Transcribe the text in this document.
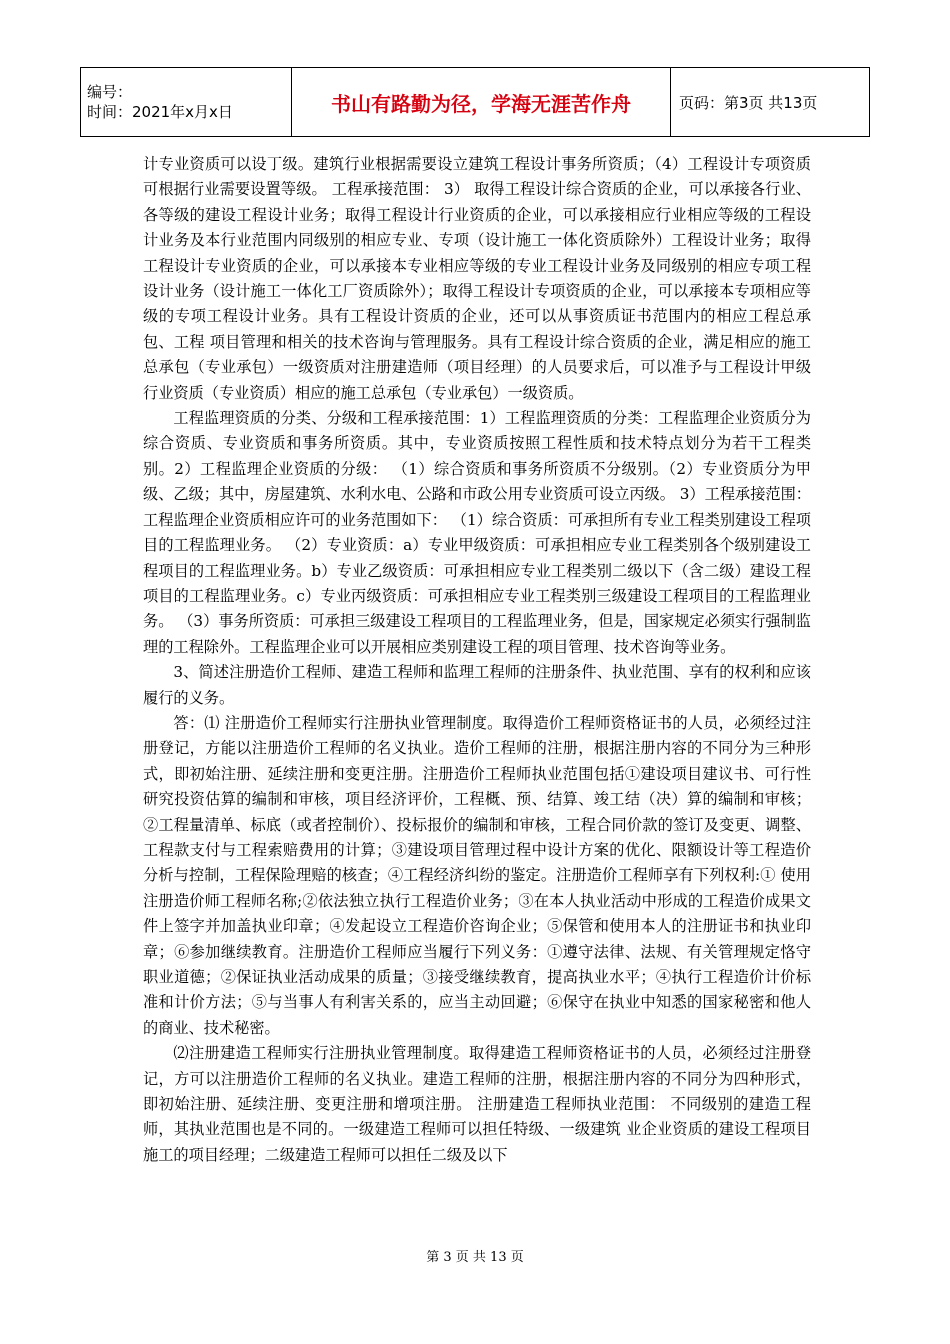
编号：
时间：2021年x月x日	书山有路勤为径，学海无涯苦作舟	页码：第3页 共13页

计专业资质可以设丁级。建筑行业根据需要设立建筑工程设计事务所资质；（4）工程设计专项资质可根据行业需要设置等级。 工程承接范围： 3） 取得工程设计综合资质的企业，可以承接各行业、各等级的建设工程设计业务；取得工程设计行业资质的企业，可以承接相应行业相应等级的工程设计业务及本行业范围内同级别的相应专业、专项（设计施工一体化资质除外）工程设计业务；取得工程设计专业资质的企业，可以承接本专业相应等级的专业工程设计业务及同级别的相应专项工程设计业务（设计施工一体化工厂资质除外）；取得工程设计专项资质的企业，可以承接本专项相应等级的专项工程设计业务。具有工程设计资质的企业，还可以从事资质证书范围内的相应工程总承包、工程 项目管理和相关的技术咨询与管理服务。具有工程设计综合资质的企业，满足相应的施工总承包（专业承包）一级资质对注册建造师（项目经理）的人员要求后，可以准予与工程设计甲级行业资质（专业资质）相应的施工总承包（专业承包）一级资质。

工程监理资质的分类、分级和工程承接范围：1）工程监理资质的分类：工程监理企业资质分为综合资质、专业资质和事务所资质。其中，专业资质按照工程性质和技术特点划分为若干工程类别。2）工程监理企业资质的分级： （1）综合资质和事务所资质不分级别。（2）专业资质分为甲级、乙级；其中，房屋建筑、水利水电、公路和市政公用专业资质可设立丙级。 3）工程承接范围：工程监理企业资质相应许可的业务范围如下： （1）综合资质：可承担所有专业工程类别建设工程项目的工程监理业务。 （2）专业资质：a）专业甲级资质：可承担相应专业工程类别各个级别建设工程项目的工程监理业务。b）专业乙级资质：可承担相应专业工程类别二级以下（含二级）建设工程项目的工程监理业务。c）专业丙级资质：可承担相应专业工程类别三级建设工程项目的工程监理业务。 （3）事务所资质：可承担三级建设工程项目的工程监理业务，但是，国家规定必须实行强制监理的工程除外。工程监理企业可以开展相应类别建设工程的项目管理、技术咨询等业务。

3、简述注册造价工程师、建造工程师和监理工程师的注册条件、执业范围、享有的权利和应该履行的义务。

答：⑴ 注册造价工程师实行注册执业管理制度。取得造价工程师资格证书的人员，必须经过注册登记，方能以注册造价工程师的名义执业。造价工程师的注册，根据注册内容的不同分为三种形式，即初始注册、延续注册和变更注册。注册造价工程师执业范围包括①建设项目建议书、可行性研究投资估算的编制和审核，项目经济评价，工程概、预、结算、竣工结（决）算的编制和审核；②工程量清单、标底（或者控制价）、投标报价的编制和审核，工程合同价款的签订及变更、调整、工程款支付与工程索赔费用的计算；③建设项目管理过程中设计方案的优化、限额设计等工程造价分析与控制，工程保险理赔的核查；④工程经济纠纷的鉴定。注册造价工程师享有下列权利:① 使用注册造价师工程师名称;②依法独立执行工程造价业务；③在本人执业活动中形成的工程造价成果文件上签字并加盖执业印章；④发起设立工程造价咨询企业；⑤保管和使用本人的注册证书和执业印章；⑥参加继续教育。注册造价工程师应当履行下列义务：①遵守法律、法规、有关管理规定恪守职业道德；②保证执业活动成果的质量；③接受继续教育，提高执业水平；④执行工程造价计价标准和计价方法；⑤与当事人有利害关系的，应当主动回避；⑥保守在执业中知悉的国家秘密和他人的商业、技术秘密。

⑵注册建造工程师实行注册执业管理制度。取得建造工程师资格证书的人员，必须经过注册登记，方可以注册造价工程师的名义执业。建造工程师的注册，根据注册内容的不同分为四种形式，即初始注册、延续注册、变更注册和增项注册。 注册建造工程师执业范围： 不同级别的建造工程师，其执业范围也是不同的。一级建造工程师可以担任特级、一级建筑 业企业资质的建设工程项目施工的项目经理；二级建造工程师可以担任二级及以下

第 3 页 共 13 页
